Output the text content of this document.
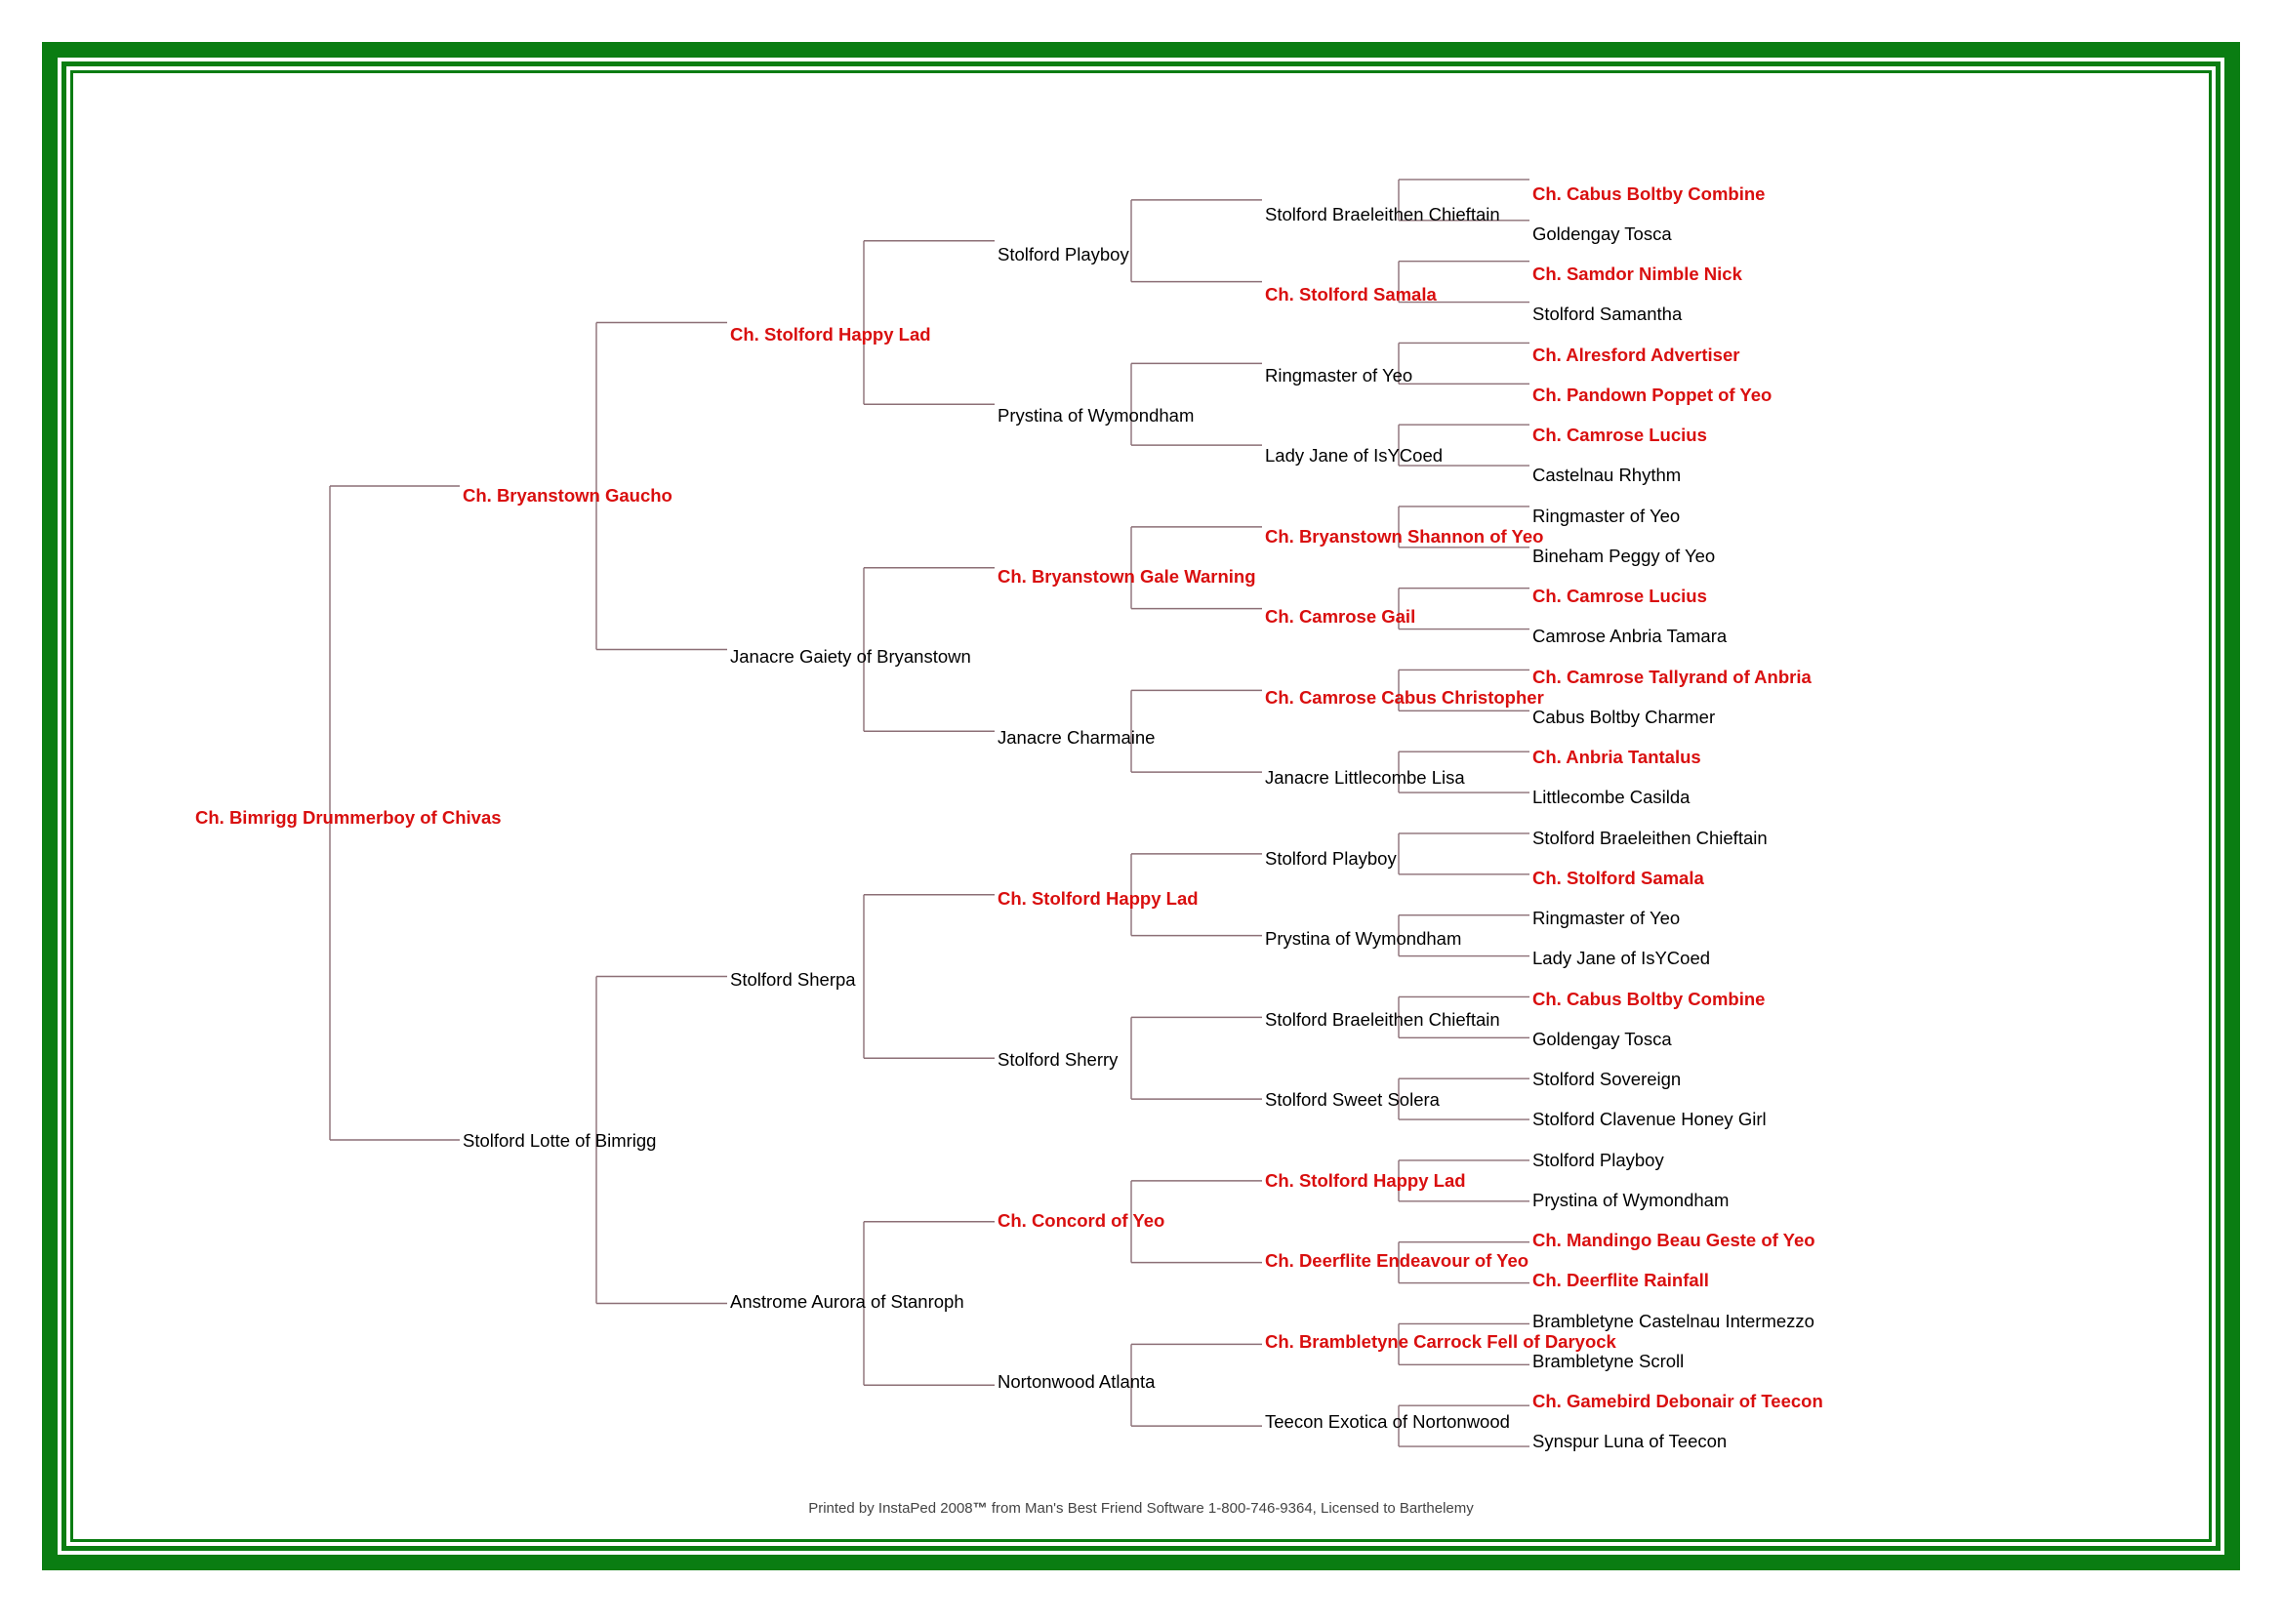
Ch. Bimrigg Drummerboy of Chivas
Ch. Bryanstown Gaucho
Stolford Lotte of Bimrigg
Ch. Stolford Happy Lad
Janacre Gaiety of Bryanstown
Stolford Sherpa
Anstrome Aurora of Stanroph
Stolford Playboy
Prystina of Wymondham
Ch. Bryanstown Gale Warning
Janacre Charmaine
Ch. Stolford Happy Lad
Stolford Sherry
Ch. Concord of Yeo
Nortonwood Atlanta
Stolford Braeleithen Chieftain
Ch. Stolford Samala
Ringmaster of Yeo
Lady Jane of IsYCoed
Ch. Bryanstown Shannon of Yeo
Ch. Camrose Gail
Ch. Camrose Cabus Christopher
Janacre Littlecombe Lisa
Stolford Playboy
Prystina of Wymondham
Stolford Braeleithen Chieftain
Stolford Sweet Solera
Ch. Stolford Happy Lad
Ch. Deerflite Endeavour of Yeo
Ch. Brambletyne Carrock Fell of Daryock
Teecon Exotica of Nortonwood
Ch. Cabus Boltby Combine
Goldengay Tosca
Ch. Samdor Nimble Nick
Stolford Samantha
Ch. Alresford Advertiser
Ch. Pandown Poppet of Yeo
Ch. Camrose Lucius
Castelnau Rhythm
Ringmaster of Yeo
Bineham Peggy of Yeo
Ch. Camrose Lucius
Camrose Anbria Tamara
Ch. Camrose Tallyrand of Anbria
Cabus Boltby Charmer
Ch. Anbria Tantalus
Littlecombe Casilda
Stolford Braeleithen Chieftain
Ch. Stolford Samala
Ringmaster of Yeo
Lady Jane of IsYCoed
Ch. Cabus Boltby Combine
Goldengay Tosca
Stolford Sovereign
Stolford Clavenue Honey Girl
Stolford Playboy
Prystina of Wymondham
Ch. Mandingo Beau Geste of Yeo
Ch. Deerflite Rainfall
Brambletyne Castelnau Intermezzo
Brambletyne Scroll
Ch. Gamebird Debonair of Teecon
Synspur Luna of Teecon
Printed by InstaPed 2008™ from Man's Best Friend Software 1-800-746-9364, Licensed to Barthelemy
